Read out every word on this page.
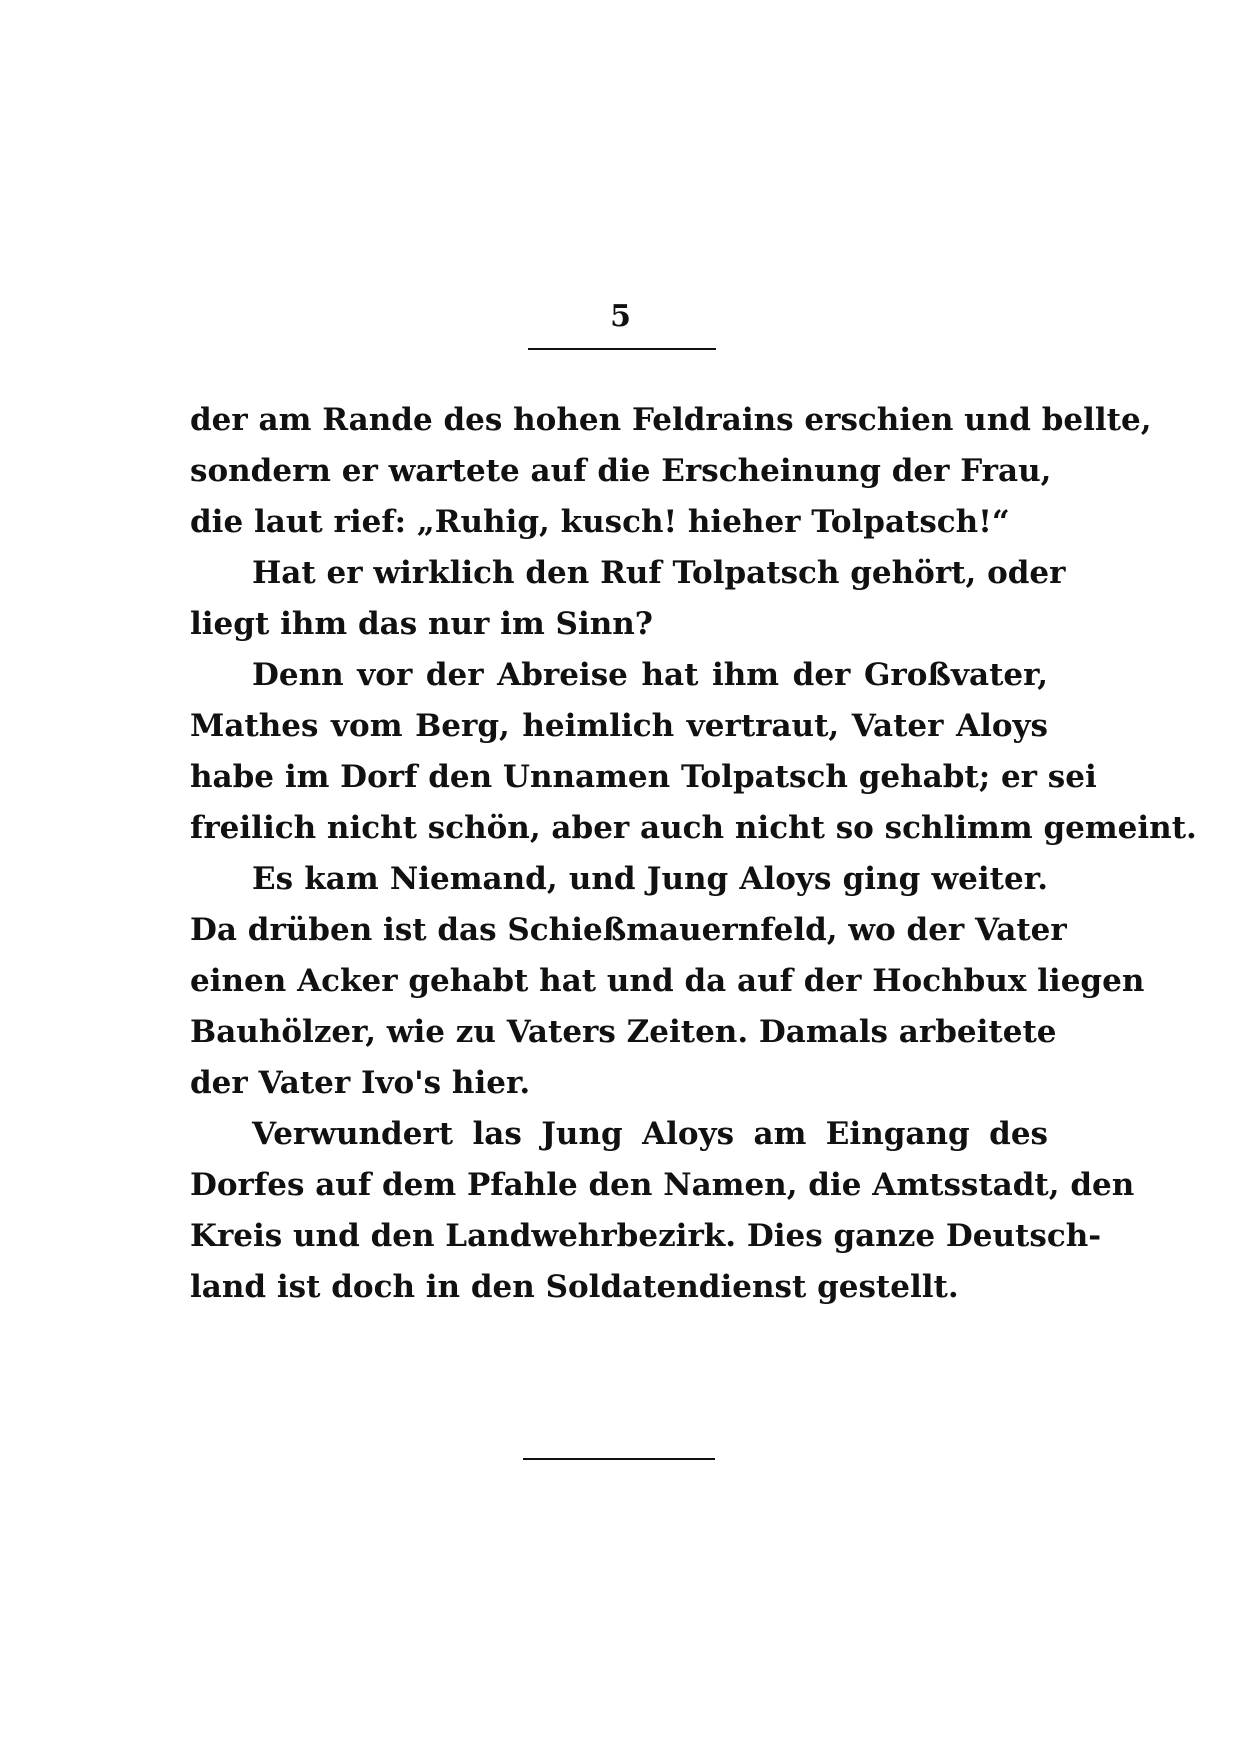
5
der am Rande des hohen Feldrains erschien und bellte,
sondern er wartete auf die Erscheinung der Frau,
die laut rief: „Ruhig, kusch! hieher Tolpatsch!“
Hat er wirklich den Ruf Tolpatsch gehört, oder
liegt ihm das nur im Sinn?
Denn vor der Abreise hat ihm der Großvater,
Mathes vom Berg, heimlich vertraut, Vater Aloys
habe im Dorf den Unnamen Tolpatsch gehabt; er sei
freilich nicht schön, aber auch nicht so schlimm gemeint.
Es kam Niemand, und Jung Aloys ging weiter.
Da drüben ist das Schießmauernfeld, wo der Vater
einen Acker gehabt hat und da auf der Hochbux liegen
Bauhölzer, wie zu Vaters Zeiten. Damals arbeitete
der Vater Ivo's hier.
Verwundert las Jung Aloys am Eingang des
Dorfes auf dem Pfahle den Namen, die Amtsstadt, den
Kreis und den Landwehrbezirk. Dies ganze Deutsch-
land ist doch in den Soldatendienst gestellt.
